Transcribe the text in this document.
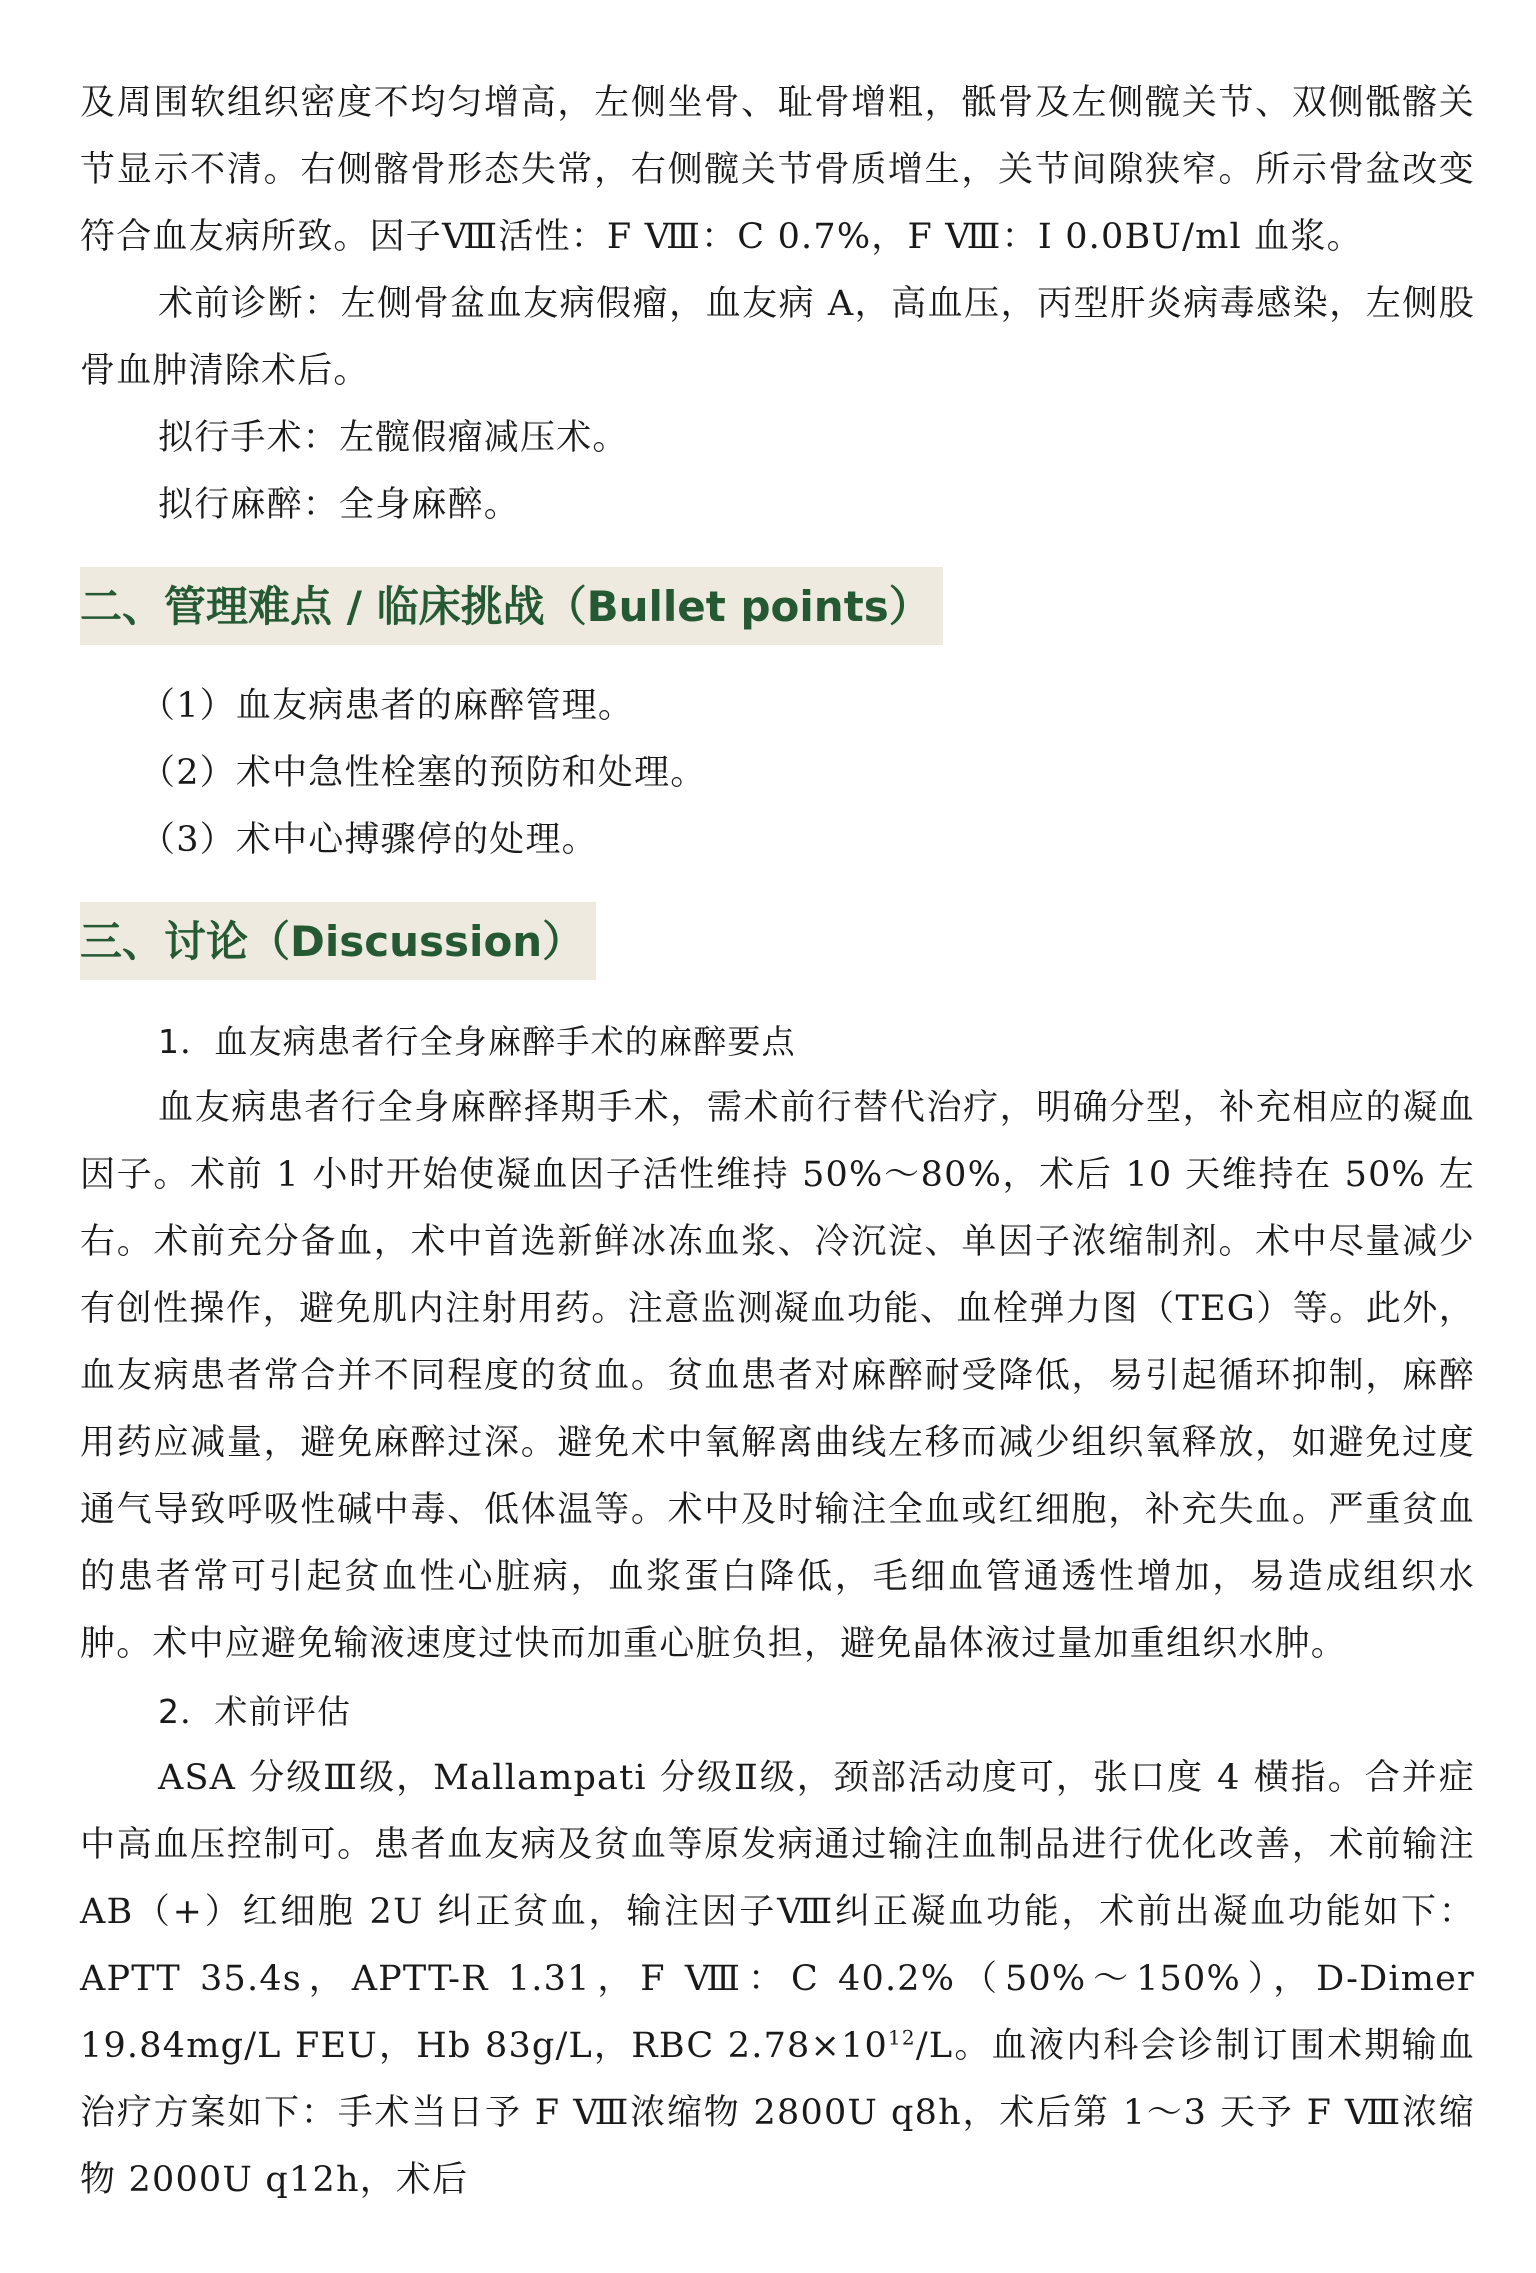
及周围软组织密度不均匀增高，左侧坐骨、耻骨增粗，骶骨及左侧髋关节、双侧骶髂关节显示不清。右侧髂骨形态失常，右侧髋关节骨质增生，关节间隙狭窄。所示骨盆改变符合血友病所致。因子Ⅷ活性：F Ⅷ：C 0.7%，F Ⅷ：I 0.0BU/ml 血浆。

术前诊断：左侧骨盆血友病假瘤，血友病 A，高血压，丙型肝炎病毒感染，左侧股骨血肿清除术后。

拟行手术：左髋假瘤减压术。

拟行麻醉：全身麻醉。

二、管理难点 / 临床挑战（Bullet points）

（1）血友病患者的麻醉管理。

（2）术中急性栓塞的预防和处理。

（3）术中心搏骤停的处理。

三、讨论（Discussion）

1．血友病患者行全身麻醉手术的麻醉要点

血友病患者行全身麻醉择期手术，需术前行替代治疗，明确分型，补充相应的凝血因子。术前 1 小时开始使凝血因子活性维持 50%～80%，术后 10 天维持在 50% 左右。术前充分备血，术中首选新鲜冰冻血浆、冷沉淀、单因子浓缩制剂。术中尽量减少有创性操作，避免肌内注射用药。注意监测凝血功能、血栓弹力图（TEG）等。此外，血友病患者常合并不同程度的贫血。贫血患者对麻醉耐受降低，易引起循环抑制，麻醉用药应减量，避免麻醉过深。避免术中氧解离曲线左移而减少组织氧释放，如避免过度通气导致呼吸性碱中毒、低体温等。术中及时输注全血或红细胞，补充失血。严重贫血的患者常可引起贫血性心脏病，血浆蛋白降低，毛细血管通透性增加，易造成组织水肿。术中应避免输液速度过快而加重心脏负担，避免晶体液过量加重组织水肿。

2．术前评估

ASA 分级Ⅲ级，Mallampati 分级Ⅱ级，颈部活动度可，张口度 4 横指。合并症中高血压控制可。患者血友病及贫血等原发病通过输注血制品进行优化改善，术前输注 AB（+）红细胞 2U 纠正贫血，输注因子Ⅷ纠正凝血功能，术前出凝血功能如下：APTT 35.4s，APTT-R 1.31，F Ⅷ：C 40.2%（50%～150%），D-Dimer 19.84mg/L FEU，Hb 83g/L，RBC $2.78\times 10^{12}/L$。血液内科会诊制订围术期输血治疗方案如下：手术当日予 F Ⅷ浓缩物 2800U q8h，术后第 1～3 天予 F Ⅷ浓缩物 2000U q12h，术后
